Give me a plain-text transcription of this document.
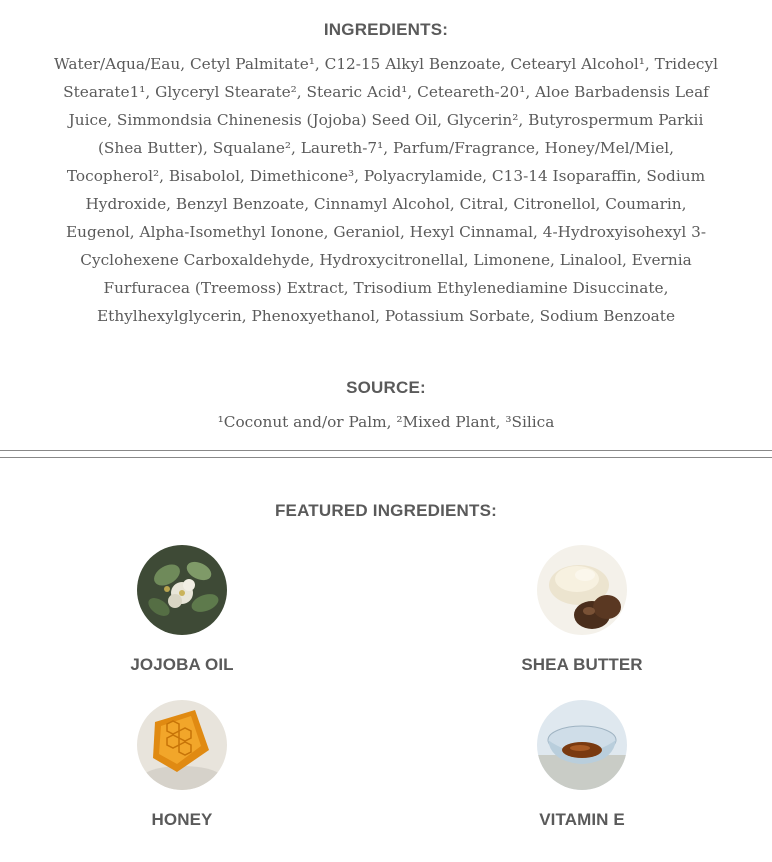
INGREDIENTS:

Water/Aqua/Eau, Cetyl Palmitate¹, C12-15 Alkyl Benzoate, Cetearyl Alcohol¹, Tridecyl Stearate1¹, Glyceryl Stearate², Stearic Acid¹, Ceteareth-20¹, Aloe Barbadensis Leaf Juice, Simmondsia Chinenesis (Jojoba) Seed Oil, Glycerin², Butyrospermum Parkii (Shea Butter), Squalane², Laureth-7¹, Parfum/Fragrance, Honey/Mel/Miel, Tocopherol², Bisabolol, Dimethicone³, Polyacrylamide, C13-14 Isoparaffin, Sodium Hydroxide, Benzyl Benzoate, Cinnamyl Alcohol, Citral, Citronellol, Coumarin, Eugenol, Alpha-Isomethyl Ionone, Geraniol, Hexyl Cinnamal, 4-Hydroxyisohexyl 3-Cyclohexene Carboxaldehyde, Hydroxycitronellal, Limonene, Linalool, Evernia Furfuracea (Treemoss) Extract, Trisodium Ethylenediamine Disuccinate, Ethylhexylglycerin, Phenoxyethanol, Potassium Sorbate, Sodium Benzoate

SOURCE:

¹Coconut and/or Palm, ²Mixed Plant, ³Silica

FEATURED INGREDIENTS:
JOJOBA OIL	SHEA BUTTER
HONEY	VITAMIN E
